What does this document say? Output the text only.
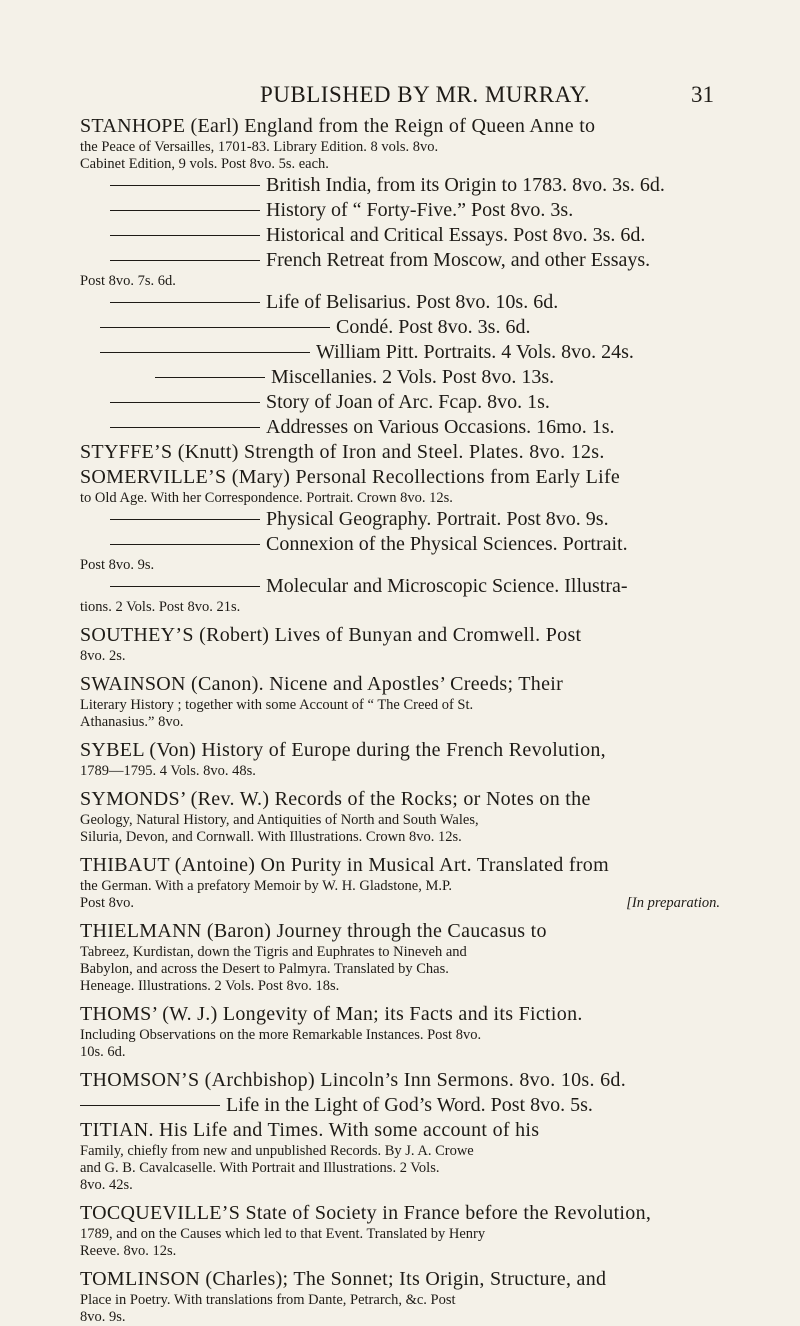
PUBLISHED BY MR. MURRAY.	31
STANHOPE (Earl) England from the Reign of Queen Anne to
the Peace of Versailles, 1701-83. Library Edition. 8 vols. 8vo.
Cabinet Edition, 9 vols. Post 8vo. 5s. each.
British India, from its Origin to 1783. 8vo. 3s. 6d.
History of “ Forty-Five.” Post 8vo. 3s.
Historical and Critical Essays. Post 8vo. 3s. 6d.
French Retreat from Moscow, and other Essays.
Post 8vo. 7s. 6d.
Life of Belisarius. Post 8vo. 10s. 6d.
Condé. Post 8vo. 3s. 6d.
William Pitt. Portraits. 4 Vols. 8vo. 24s.
Miscellanies. 2 Vols. Post 8vo. 13s.
Story of Joan of Arc. Fcap. 8vo. 1s.
Addresses on Various Occasions. 16mo. 1s.
STYFFE’S (Knutt) Strength of Iron and Steel. Plates. 8vo. 12s.
SOMERVILLE’S (Mary) Personal Recollections from Early Life
to Old Age. With her Correspondence. Portrait. Crown 8vo. 12s.
Physical Geography. Portrait. Post 8vo. 9s.
Connexion of the Physical Sciences. Portrait.
Post 8vo. 9s.
Molecular and Microscopic Science. Illustra-
tions. 2 Vols. Post 8vo. 21s.
SOUTHEY’S (Robert) Lives of Bunyan and Cromwell. Post
8vo. 2s.
SWAINSON (Canon). Nicene and Apostles’ Creeds; Their
Literary History ; together with some Account of “ The Creed of St.
Athanasius.” 8vo.
SYBEL (Von) History of Europe during the French Revolution,
1789—1795. 4 Vols. 8vo. 48s.
SYMONDS’ (Rev. W.) Records of the Rocks; or Notes on the
Geology, Natural History, and Antiquities of North and South Wales,
Siluria, Devon, and Cornwall. With Illustrations. Crown 8vo. 12s.
THIBAUT (Antoine) On Purity in Musical Art. Translated from
the German. With a prefatory Memoir by W. H. Gladstone, M.P.
Post 8vo.	[In preparation.
THIELMANN (Baron) Journey through the Caucasus to
Tabreez, Kurdistan, down the Tigris and Euphrates to Nineveh and
Babylon, and across the Desert to Palmyra. Translated by Chas.
Heneage. Illustrations. 2 Vols. Post 8vo. 18s.
THOMS’ (W. J.) Longevity of Man; its Facts and its Fiction.
Including Observations on the more Remarkable Instances. Post 8vo.
10s. 6d.
THOMSON’S (Archbishop) Lincoln’s Inn Sermons. 8vo. 10s. 6d.
Life in the Light of God’s Word. Post 8vo. 5s.
TITIAN. His Life and Times. With some account of his
Family, chiefly from new and unpublished Records. By J. A. Crowe
and G. B. Cavalcaselle. With Portrait and Illustrations. 2 Vols.
8vo. 42s.
TOCQUEVILLE’S State of Society in France before the Revolution,
1789, and on the Causes which led to that Event. Translated by Henry
Reeve. 8vo. 12s.
TOMLINSON (Charles); The Sonnet; Its Origin, Structure, and
Place in Poetry. With translations from Dante, Petrarch, &c. Post
8vo. 9s.
